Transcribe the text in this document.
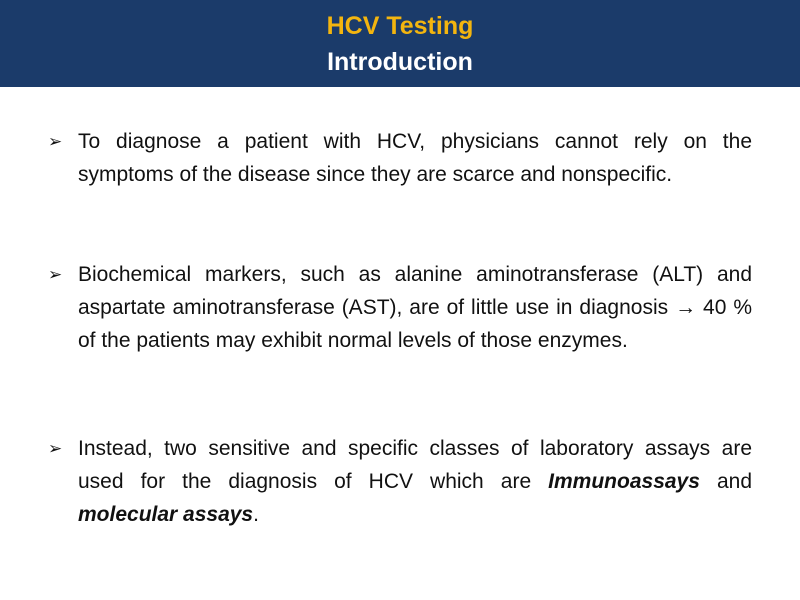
HCV Testing
Introduction
➢ To diagnose a patient with HCV, physicians cannot rely on the symptoms of the disease since they are scarce and nonspecific.
➢ Biochemical markers, such as alanine aminotransferase (ALT) and aspartate aminotransferase (AST), are of little use in diagnosis → 40 % of the patients may exhibit normal levels of those enzymes.
➢ Instead, two sensitive and specific classes of laboratory assays are used for the diagnosis of HCV which are Immunoassays and molecular assays.
